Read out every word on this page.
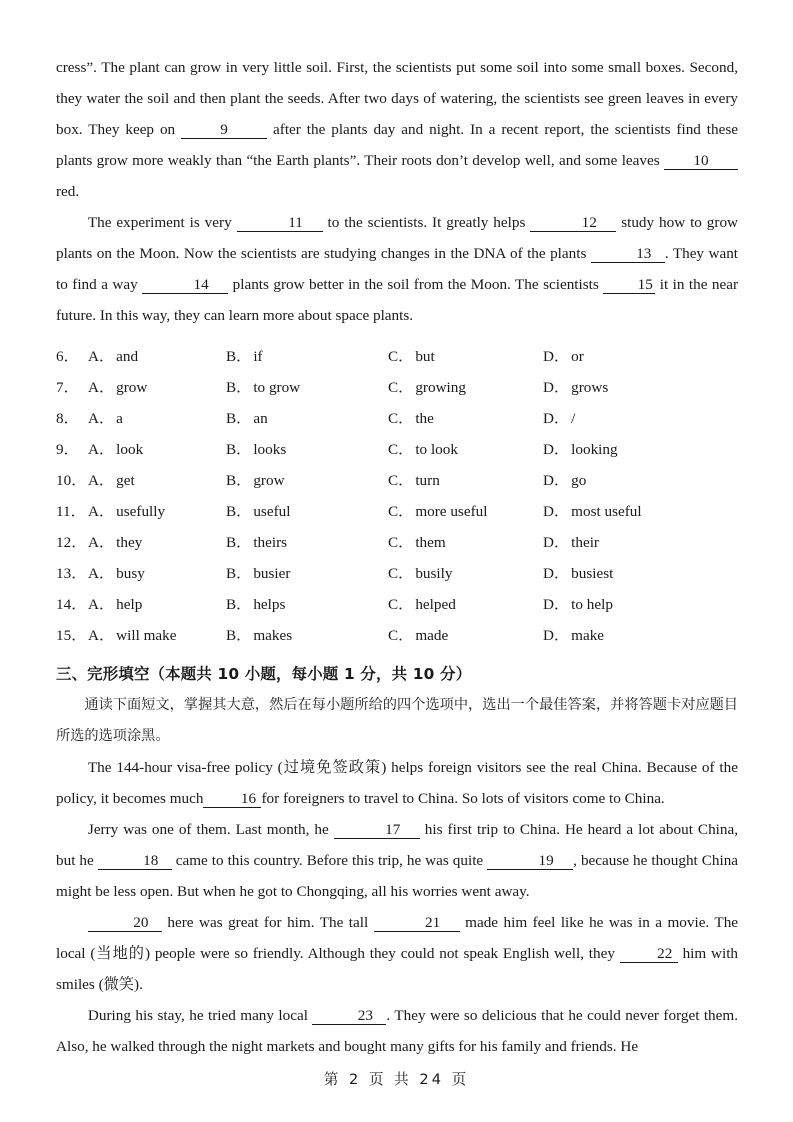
cress”. The plant can grow in very little soil. First, the scientists put some soil into some small boxes. Second, they water the soil and then plant the seeds. After two days of watering, the scientists see green leaves in every box. They keep on	9	after the plants day and night. In a recent report, the scientists find these plants grow more weakly than “the Earth plants”. Their roots don’t develop well, and some leaves 10 red.

The experiment is very	11 to the scientists. It greatly helps	12 study how to grow plants on the Moon. Now the scientists are studying changes in the DNA of the plants	13 . They want to find a way	14 plants grow better in the soil from the Moon. The scientists	15 it in the near future. In this way, they can learn more about space plants.

6． A． and	B． if	C． but	D． or
7． A． grow	B． to grow	C． growing	D． grows
8． A． a	B． an	C． the	D． /
9． A． look	B． looks	C． to look	D． looking
10． A． get	B． grow	C． turn	D． go
11． A． usefully	B． useful	C． more useful	D． most useful
12． A． they	B． theirs	C． them	D． their
13． A． busy	B． busier	C． busily	D． busiest
14． A． help	B． helps	C． helped	D． to help
15． A． will make	B． makes	C． made	D． make

三、完形填空（本题共 10 小题，每小题 1 分，共 10 分）

通读下面短文，掌握其大意，然后在每小题所给的四个选项中，选出一个最佳答案，并将答题卡对应题目所选的选项涂黑。

The 144-hour visa-free policy (过境免签政策) helps foreign visitors see the real China. Because of the policy, it becomes much 16 for foreigners to travel to China. So lots of visitors come to China.

Jerry was one of them. Last month, he	17 his first trip to China. He heard a lot about China, but he	18 came to this country. Before this trip, he was quite	19 , because he thought China might be less open. But when he got to Chongqing, all his worries went away.

20 here was great for him. The tall	21 made him feel like he was in a movie. The local (当地的) people were so friendly. Although they could not speak English well, they	22 him with smiles (微笑).

During his stay, he tried many local	23 . They were so delicious that he could never forget them. Also, he walked through the night markets and bought many gifts for his family and friends. He

第 2 页 共 24 页
